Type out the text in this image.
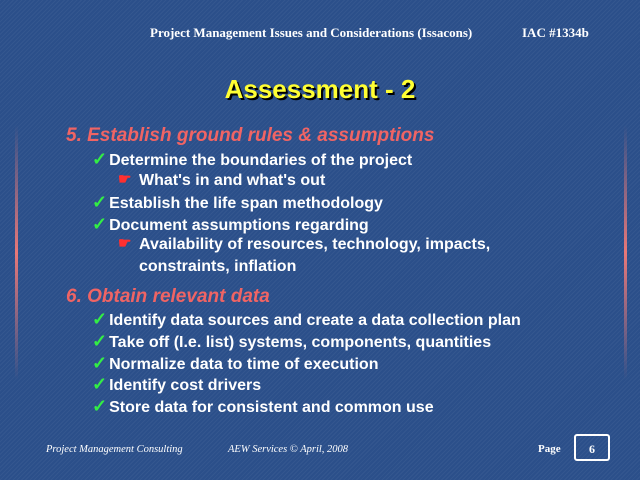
Project Management Issues and Considerations (Issacons)	IAC #1334b
Assessment - 2
5. Establish ground rules & assumptions
✓ Determine the boundaries of the project
☛ What's in and what's out
✓ Establish the life span methodology
✓ Document assumptions regarding
☛ Availability of resources, technology, impacts, constraints, inflation
6. Obtain relevant data
✓ Identify data sources and create a data collection plan
✓ Take off (I.e. list) systems, components, quantities
✓ Normalize data to time of execution
✓ Identify cost drivers
✓ Store data for consistent and common use
Project Management Consulting	AEW Services © April, 2008	Page	6
